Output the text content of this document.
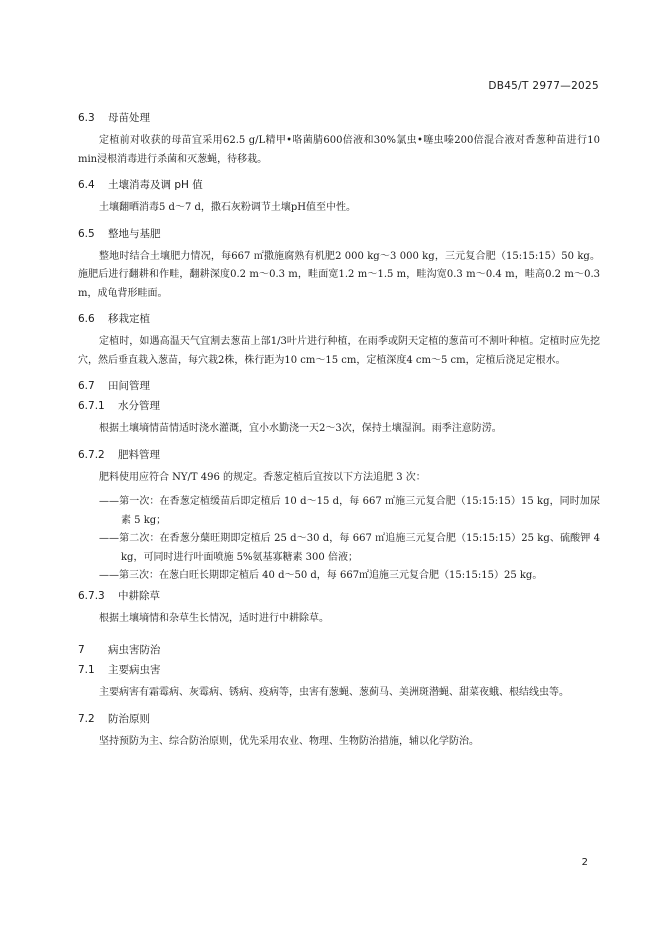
DB45/T 2977—2025
6.3 母苗处理

定植前对收获的母苗宜采用62.5 g/L精甲•咯菌腈600倍液和30%氯虫•噻虫嗪200倍混合液对香葱种苗进行10 min浸根消毒进行杀菌和灭葱蝇，待移栽。

6.4 土壤消毒及调 pH 值

土壤翻晒消毒5 d～7 d，撒石灰粉调节土壤pH值至中性。

6.5 整地与基肥

整地时结合土壤肥力情况，每667 ㎡撒施腐熟有机肥2 000 kg～3 000 kg，三元复合肥（15:15:15）50 kg。施肥后进行翻耕和作畦，翻耕深度0.2 m～0.3 m，畦面宽1.2 m～1.5 m，畦沟宽0.3 m～0.4 m，畦高0.2 m～0.3 m，成龟背形畦面。

6.6 移栽定植

定植时，如遇高温天气宜割去葱苗上部1/3叶片进行种植，在雨季或阴天定植的葱苗可不割叶种植。定植时应先挖穴，然后垂直栽入葱苗，每穴栽2株，株行距为10 cm～15 cm，定植深度4 cm～5 cm，定植后浇足定根水。

6.7 田间管理
6.7.1 水分管理

根据土壤墒情苗情适时浇水灌溉，宜小水勤浇一天2～3次，保持土壤湿润。雨季注意防涝。

6.7.2 肥料管理

肥料使用应符合 NY/T 496 的规定。香葱定植后宜按以下方法追肥 3 次：

——第一次：在香葱定植缓苗后即定植后 10 d～15 d，每 667 ㎡施三元复合肥（15:15:15）15 kg，同时加尿素 5 kg；

——第二次：在香葱分蘖旺期即定植后 25 d～30 d，每 667 ㎡追施三元复合肥（15:15:15）25 kg、硫酸钾 4 kg，可同时进行叶面喷施 5%氨基寡糖素 300 倍液；

——第三次：在葱白旺长期即定植后 40 d～50 d，每 667㎡追施三元复合肥（15:15:15）25 kg。

6.7.3 中耕除草

根据土壤墒情和杂草生长情况，适时进行中耕除草。

7 病虫害防治
7.1 主要病虫害

主要病害有霜霉病、灰霉病、锈病、疫病等，虫害有葱蝇、葱蓟马、美洲斑潜蝇、甜菜夜蛾、根结线虫等。

7.2 防治原则

坚持预防为主、综合防治原则，优先采用农业、物理、生物防治措施，辅以化学防治。

2
